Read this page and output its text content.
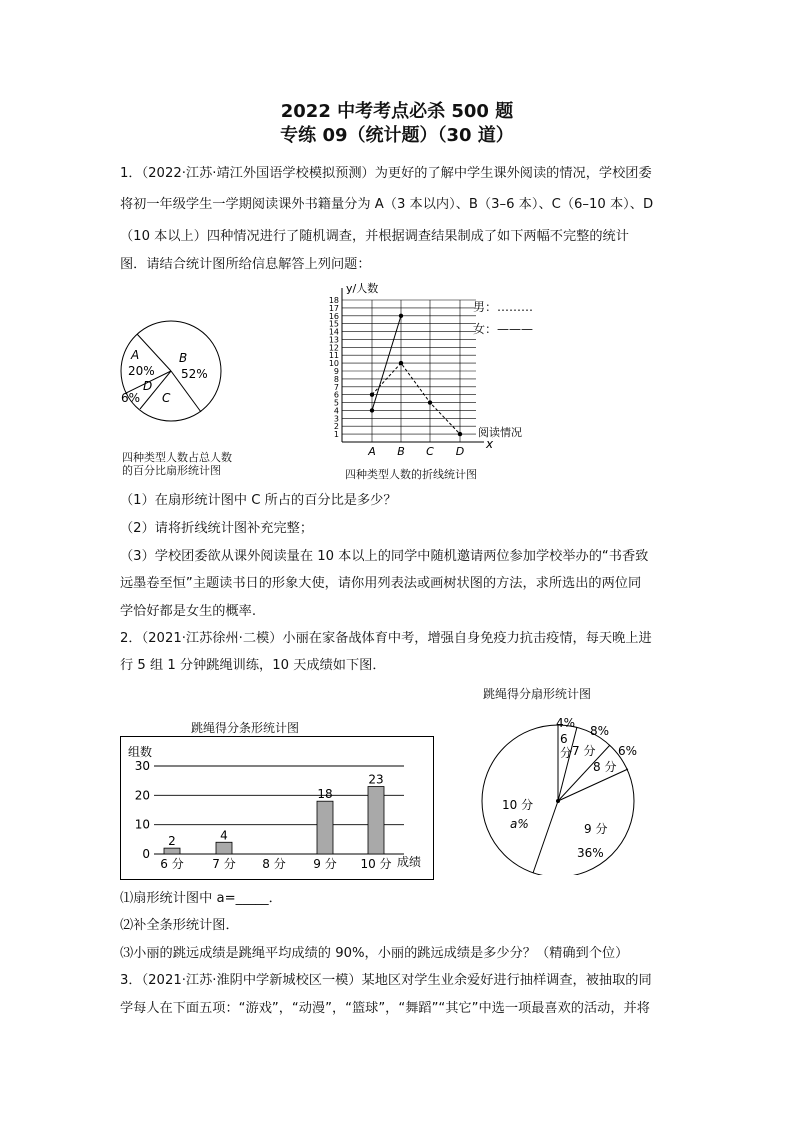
2022 中考考点必杀 500 题
专练 09（统计题）（30 道）
1．（2022·江苏·靖江外国语学校模拟预测）为更好的了解中学生课外阅读的情况，学校团委
将初一年级学生一学期阅读课外书籍量分为 A（3 本以内）、B（3–6 本）、C（6–10 本）、D
（10 本以上）四种情况进行了随机调查，并根据调查结果制成了如下两幅不完整的统计
图．请结合统计图所给信息解答上列问题：
A
20%
B
52%
C
D
6%
四种类型人数占总人数
的百分比扇形统计图
1
2
3
4
5
6
7
8
9
10
11
12
13
14
15
16
17
18
A B C D
y/人数
阅读情况
x
男：………
女：———
四种类型人数的折线统计图
（1）在扇形统计图中 C 所占的百分比是多少？
（2）请将折线统计图补充完整；
（3）学校团委欲从课外阅读量在 10 本以上的同学中随机邀请两位参加学校举办的“书香致
远墨卷至恒”主题读书日的形象大使，请你用列表法或画树状图的方法，求所选出的两位同
学恰好都是女生的概率.
2．（2021·江苏徐州·二模）小丽在家备战体育中考，增强自身免疫力抗击疫情，每天晚上进
行 5 组 1 分钟跳绳训练，10 天成绩如下图．
跳绳得分条形统计图
0
10
20
30
6 分 7 分 8 分 9 分 10 分
2	4
18
23
组数
成绩
跳绳得分扇形统计图
4%
6
分
8%
7 分 6%
8 分
10 分
a%	9 分
36%
⑴扇形统计图中 a=_____．
⑵补全条形统计图．
⑶小丽的跳远成绩是跳绳平均成绩的 90%，小丽的跳远成绩是多少分？（精确到个位）
3．（2021·江苏·淮阴中学新城校区一模）某地区对学生业余爱好进行抽样调查，被抽取的同
学每人在下面五项：“游戏”，“动漫”，“篮球”，“舞蹈”“其它”中选一项最喜欢的活动，并将
